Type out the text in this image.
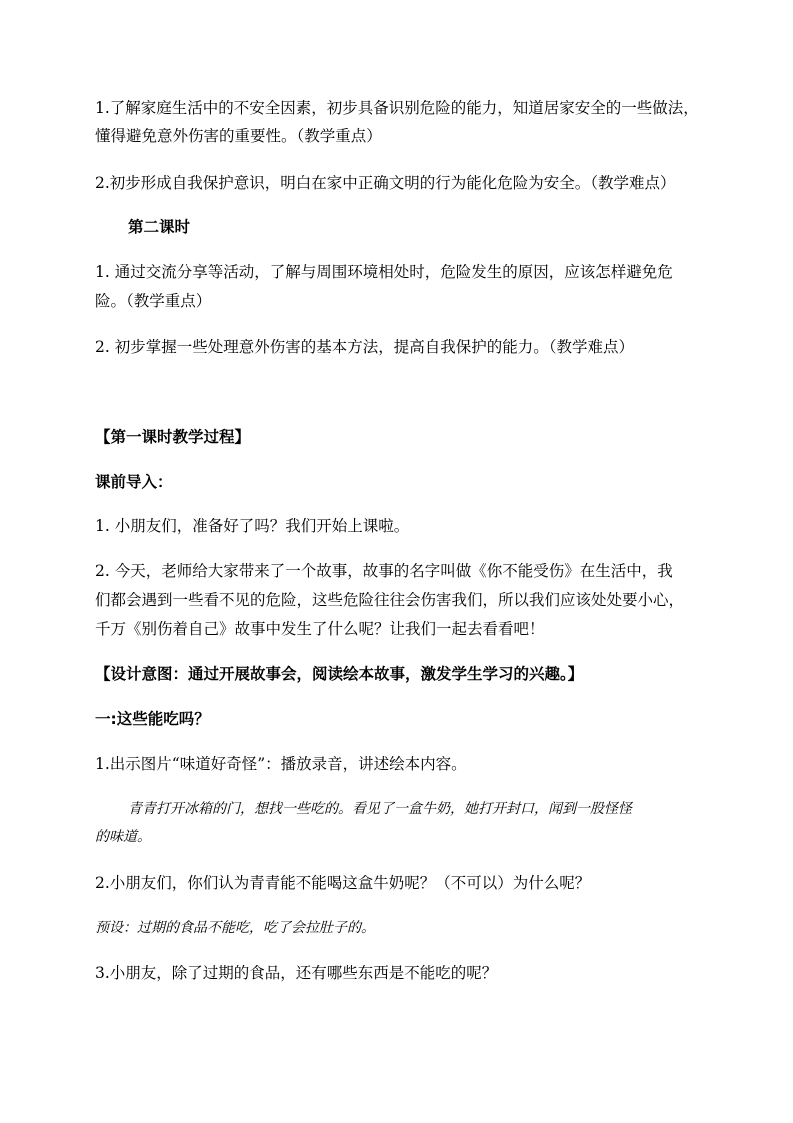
1.了解家庭生活中的不安全因素，初步具备识别危险的能力，知道居家安全的一些做法，
懂得避免意外伤害的重要性。（教学重点）
2.初步形成自我保护意识，明白在家中正确文明的行为能化危险为安全。（教学难点）
第二课时
1. 通过交流分享等活动，了解与周围环境相处时，危险发生的原因，应该怎样避免危
险。（教学重点）
2. 初步掌握一些处理意外伤害的基本方法，提高自我保护的能力。（教学难点）
【第一课时教学过程】
课前导入：
1. 小朋友们，准备好了吗？我们开始上课啦。
2. 今天，老师给大家带来了一个故事，故事的名字叫做《你不能受伤》在生活中，我
们都会遇到一些看不见的危险，这些危险往往会伤害我们，所以我们应该处处要小心，
千万《别伤着自己》故事中发生了什么呢？让我们一起去看看吧！
【设计意图：通过开展故事会，阅读绘本故事，激发学生学习的兴趣。】
一:这些能吃吗？
1.出示图片“味道好奇怪”：播放录音，讲述绘本内容。
青青打开冰箱的门，想找一些吃的。看见了一盒牛奶，她打开封口，闻到一股怪怪
的味道。
2.小朋友们，你们认为青青能不能喝这盒牛奶呢？（不可以）为什么呢？
预设：过期的食品不能吃，吃了会拉肚子的。
3.小朋友，除了过期的食品，还有哪些东西是不能吃的呢？
